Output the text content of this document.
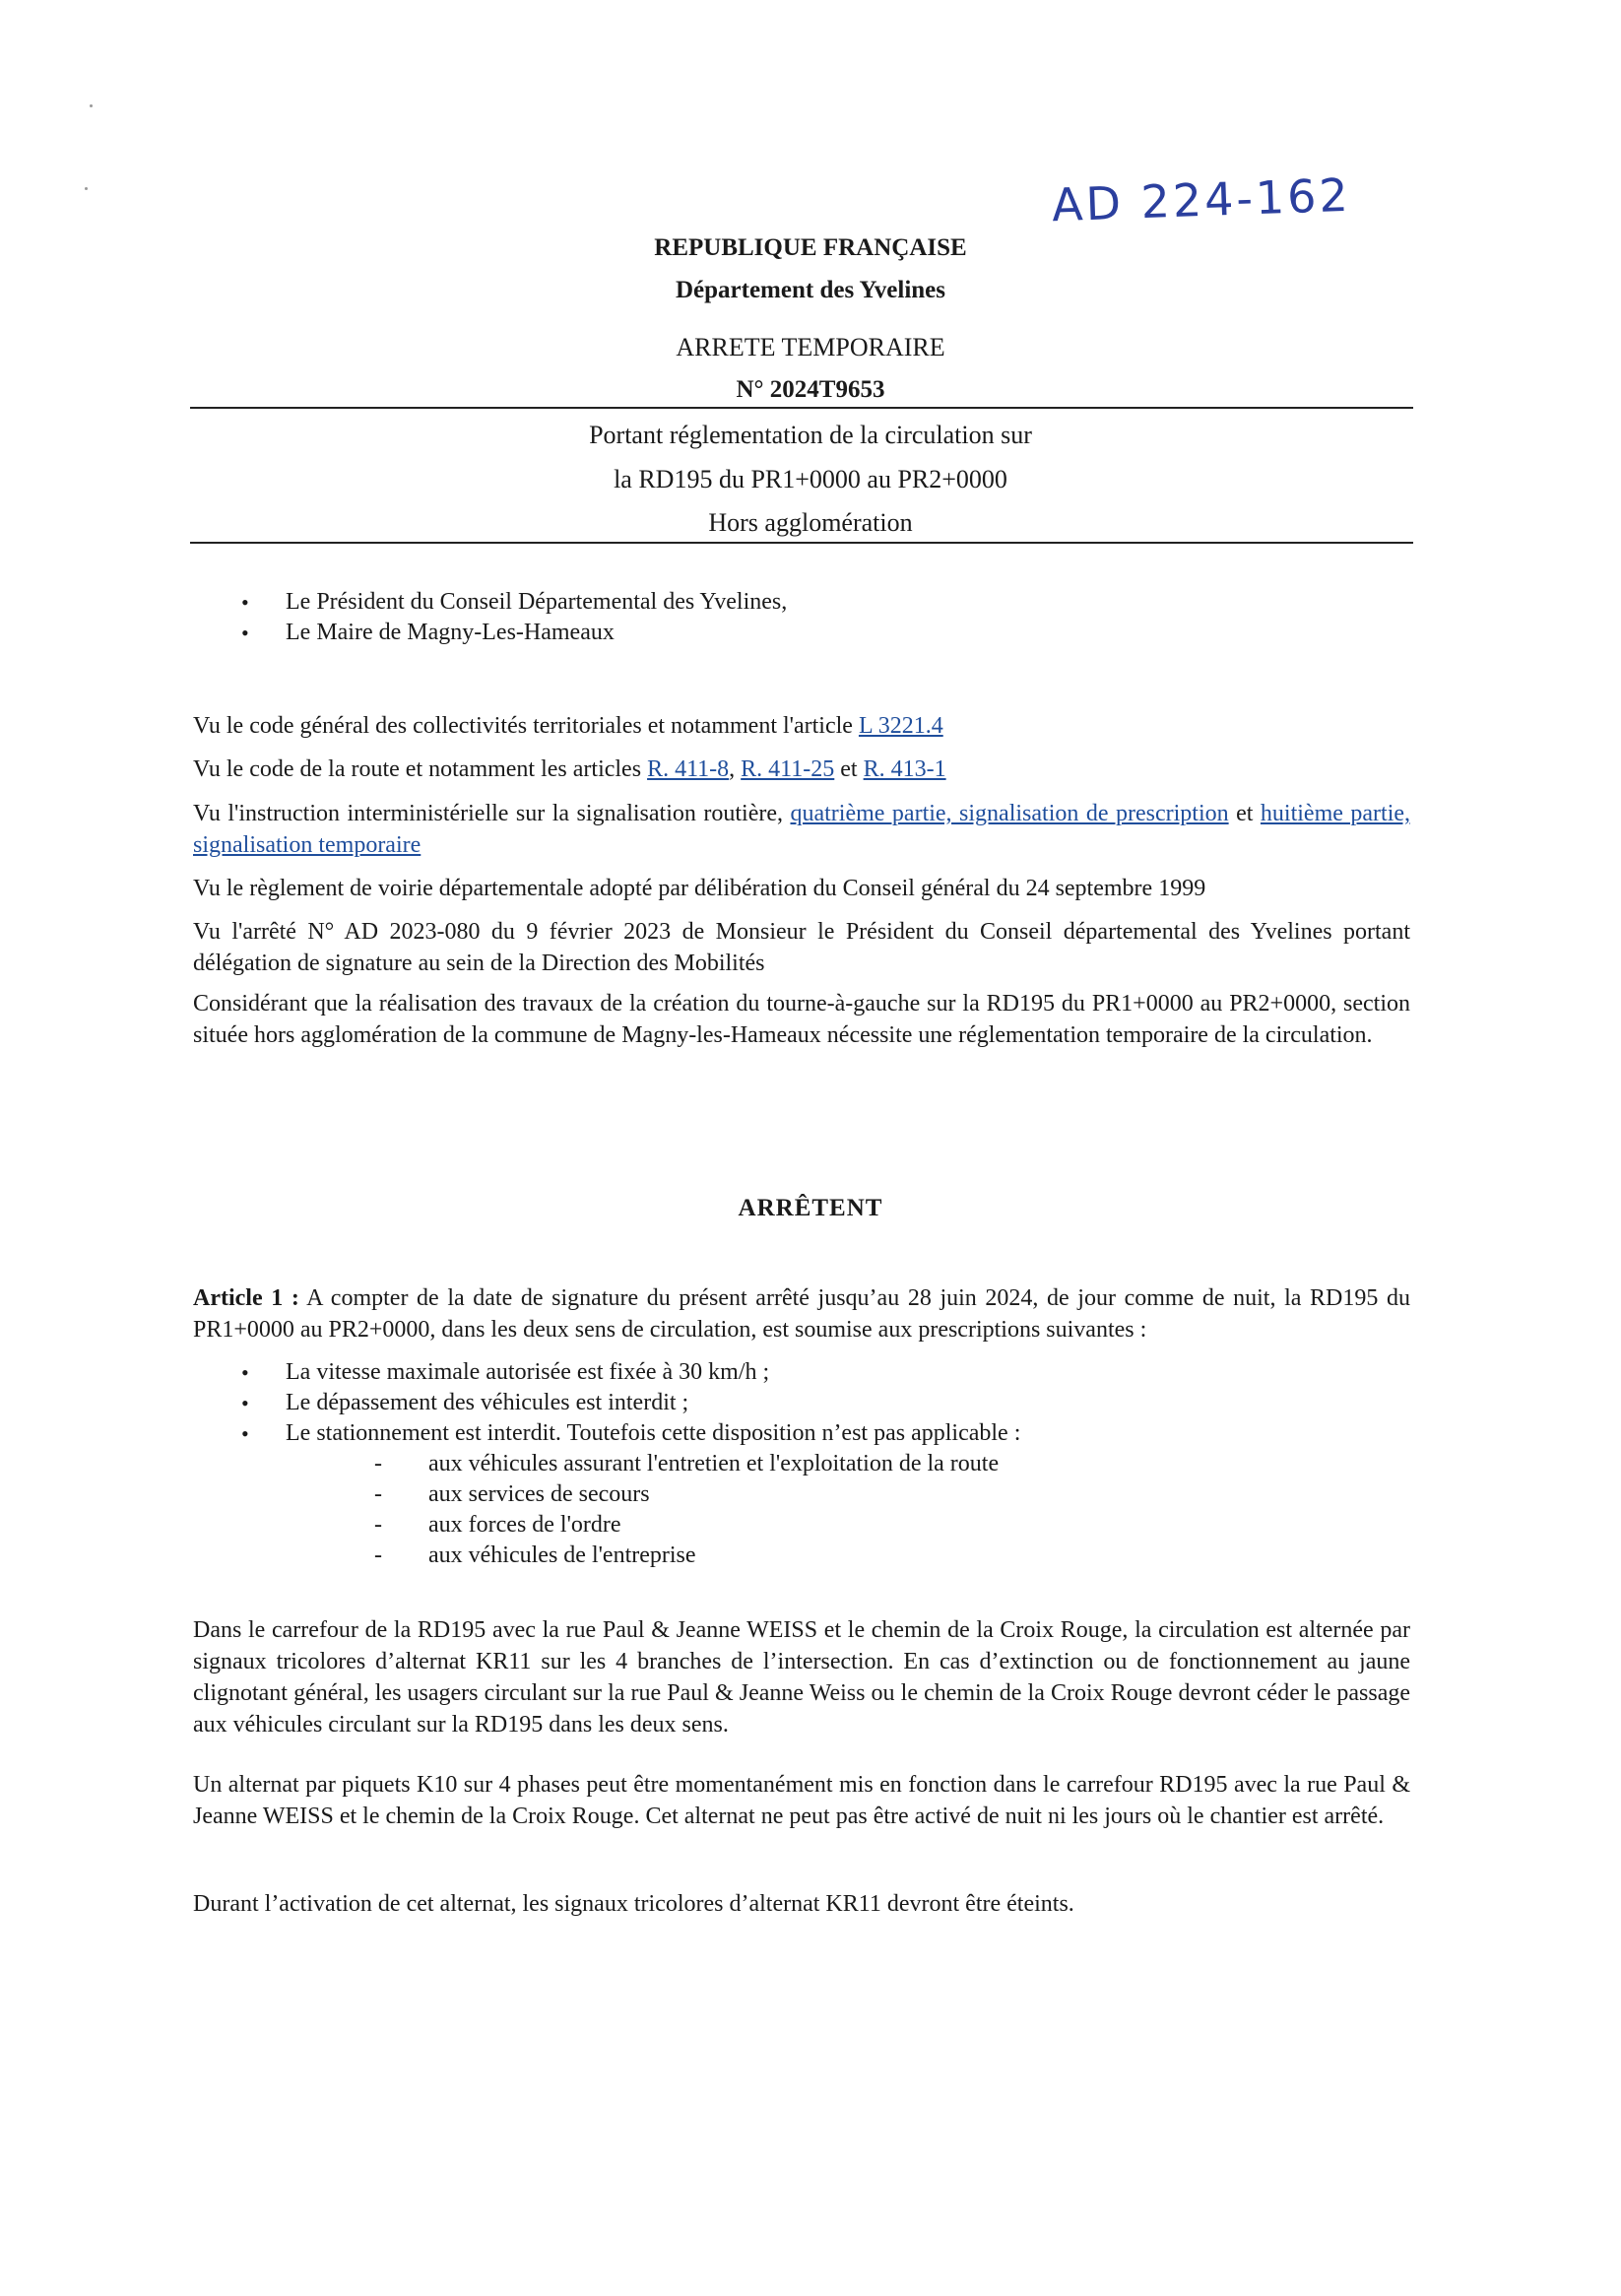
AD 224-162
REPUBLIQUE FRANÇAISE
Département des Yvelines
ARRETE TEMPORAIRE
N° 2024T9653
Portant réglementation de la circulation sur
la RD195 du PR1+0000 au PR2+0000
Hors agglomération
• Le Président du Conseil Départemental des Yvelines,
• Le Maire de Magny-Les-Hameaux

Vu le code général des collectivités territoriales et notamment l'article L 3221.4

Vu le code de la route et notamment les articles R. 411-8, R. 411-25 et R. 413-1

Vu l'instruction interministérielle sur la signalisation routière, quatrième partie, signalisation de prescription et huitième partie, signalisation temporaire

Vu le règlement de voirie départementale adopté par délibération du Conseil général du 24 septembre 1999

Vu l'arrêté N° AD 2023-080 du 9 février 2023 de Monsieur le Président du Conseil départemental des Yvelines portant délégation de signature au sein de la Direction des Mobilités

Considérant que la réalisation des travaux de la création du tourne-à-gauche sur la RD195 du PR1+0000 au PR2+0000, section située hors agglomération de la commune de Magny-les-Hameaux nécessite une réglementation temporaire de la circulation.

ARRÊTENT

Article 1 : A compter de la date de signature du présent arrêté jusqu’au 28 juin 2024, de jour comme de nuit, la RD195 du PR1+0000 au PR2+0000, dans les deux sens de circulation, est soumise aux prescriptions suivantes :

• La vitesse maximale autorisée est fixée à 30 km/h ;
• Le dépassement des véhicules est interdit ;
• Le stationnement est interdit. Toutefois cette disposition n’est pas applicable :
- aux véhicules assurant l'entretien et l'exploitation de la route
- aux services de secours
- aux forces de l'ordre
- aux véhicules de l'entreprise

Dans le carrefour de la RD195 avec la rue Paul & Jeanne WEISS et le chemin de la Croix Rouge, la circulation est alternée par signaux tricolores d’alternat KR11 sur les 4 branches de l’intersection. En cas d’extinction ou de fonctionnement au jaune clignotant général, les usagers circulant sur la rue Paul & Jeanne Weiss ou le chemin de la Croix Rouge devront céder le passage aux véhicules circulant sur la RD195 dans les deux sens.

Un alternat par piquets K10 sur 4 phases peut être momentanément mis en fonction dans le carrefour RD195 avec la rue Paul & Jeanne WEISS et le chemin de la Croix Rouge. Cet alternat ne peut pas être activé de nuit ni les jours où le chantier est arrêté.

Durant l’activation de cet alternat, les signaux tricolores d’alternat KR11 devront être éteints.
